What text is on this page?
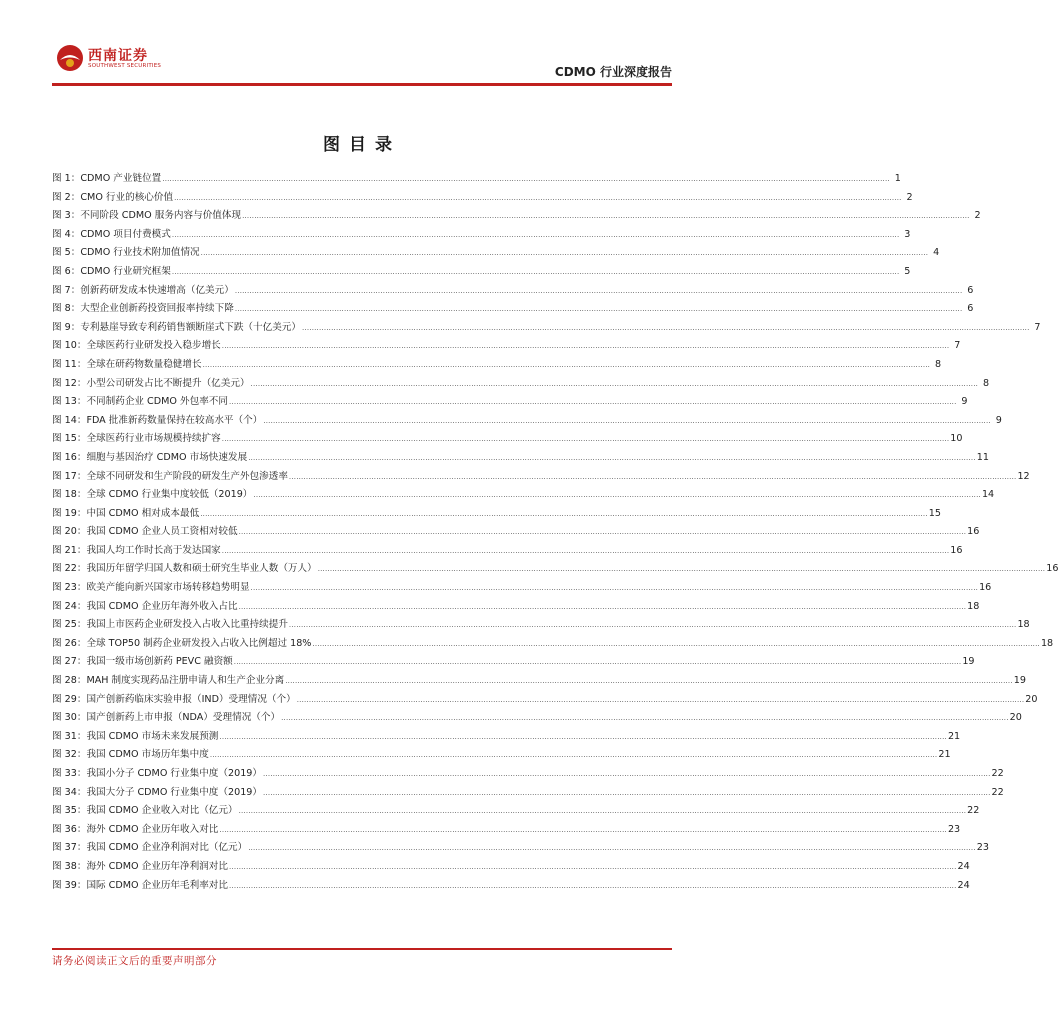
西南证券
SOUTHWEST SECURITIES	CDMO 行业深度报告
图目录
图 1：CDMO 产业链位置 ............................................................................................................................................................................................................................................................................................................ 1
图 2：CMO 行业的核心价值 ............................................................................................................................................................................................................................................................................................................ 2
图 3：不同阶段 CDMO 服务内容与价值体现 ............................................................................................................................................................................................................................................................................................................ 2
图 4：CDMO 项目付费模式 ............................................................................................................................................................................................................................................................................................................ 3
图 5：CDMO 行业技术附加值情况 ............................................................................................................................................................................................................................................................................................................ 4
图 6：CDMO 行业研究框架 ............................................................................................................................................................................................................................................................................................................ 5
图 7：创新药研发成本快速增高（亿美元） ............................................................................................................................................................................................................................................................................................................ 6
图 8：大型企业创新药投资回报率持续下降 ............................................................................................................................................................................................................................................................................................................ 6
图 9：专利悬崖导致专利药销售额断崖式下跌（十亿美元） ............................................................................................................................................................................................................................................................................................................ 7
图 10：全球医药行业研发投入稳步增长 ............................................................................................................................................................................................................................................................................................................ 7
图 11：全球在研药物数量稳健增长 ............................................................................................................................................................................................................................................................................................................ 8
图 12：小型公司研发占比不断提升（亿美元） ............................................................................................................................................................................................................................................................................................................ 8
图 13：不同制药企业 CDMO 外包率不同 ............................................................................................................................................................................................................................................................................................................ 9
图 14：FDA 批准新药数量保持在较高水平（个） ............................................................................................................................................................................................................................................................................................................ 9
图 15：全球医药行业市场规模持续扩容 ............................................................................................................................................................................................................................................................................................................ 10
图 16：细胞与基因治疗 CDMO 市场快速发展 ............................................................................................................................................................................................................................................................................................................ 11
图 17：全球不同研发和生产阶段的研发生产外包渗透率 ............................................................................................................................................................................................................................................................................................................ 12
图 18：全球 CDMO 行业集中度较低（2019） ............................................................................................................................................................................................................................................................................................................ 14
图 19：中国 CDMO 相对成本最低 ............................................................................................................................................................................................................................................................................................................ 15
图 20：我国 CDMO 企业人员工资相对较低 ............................................................................................................................................................................................................................................................................................................ 16
图 21：我国人均工作时长高于发达国家 ............................................................................................................................................................................................................................................................................................................ 16
图 22：我国历年留学归国人数和硕士研究生毕业人数（万人） ............................................................................................................................................................................................................................................................................................................ 16
图 23：欧美产能向新兴国家市场转移趋势明显 ............................................................................................................................................................................................................................................................................................................ 16
图 24：我国 CDMO 企业历年海外收入占比 ............................................................................................................................................................................................................................................................................................................ 18
图 25：我国上市医药企业研发投入占收入比重持续提升 ............................................................................................................................................................................................................................................................................................................ 18
图 26：全球 TOP50 制药企业研发投入占收入比例超过 18% ............................................................................................................................................................................................................................................................................................................ 18
图 27：我国一级市场创新药 PEVC 融资额 ............................................................................................................................................................................................................................................................................................................ 19
图 28：MAH 制度实现药品注册申请人和生产企业分离 ............................................................................................................................................................................................................................................................................................................ 19
图 29：国产创新药临床实验申报（IND）受理情况（个） ............................................................................................................................................................................................................................................................................................................ 20
图 30：国产创新药上市申报（NDA）受理情况（个） ............................................................................................................................................................................................................................................................................................................ 20
图 31：我国 CDMO 市场未来发展预测 ............................................................................................................................................................................................................................................................................................................ 21
图 32：我国 CDMO 市场历年集中度 ............................................................................................................................................................................................................................................................................................................ 21
图 33：我国小分子 CDMO 行业集中度（2019） ............................................................................................................................................................................................................................................................................................................ 22
图 34：我国大分子 CDMO 行业集中度（2019） ............................................................................................................................................................................................................................................................................................................ 22
图 35：我国 CDMO 企业收入对比（亿元） ............................................................................................................................................................................................................................................................................................................ 22
图 36：海外 CDMO 企业历年收入对比 ............................................................................................................................................................................................................................................................................................................ 23
图 37：我国 CDMO 企业净利润对比（亿元） ............................................................................................................................................................................................................................................................................................................ 23
图 38：海外 CDMO 企业历年净利润对比 ............................................................................................................................................................................................................................................................................................................ 24
图 39：国际 CDMO 企业历年毛利率对比 ............................................................................................................................................................................................................................................................................................................ 24
请务必阅读正文后的重要声明部分
